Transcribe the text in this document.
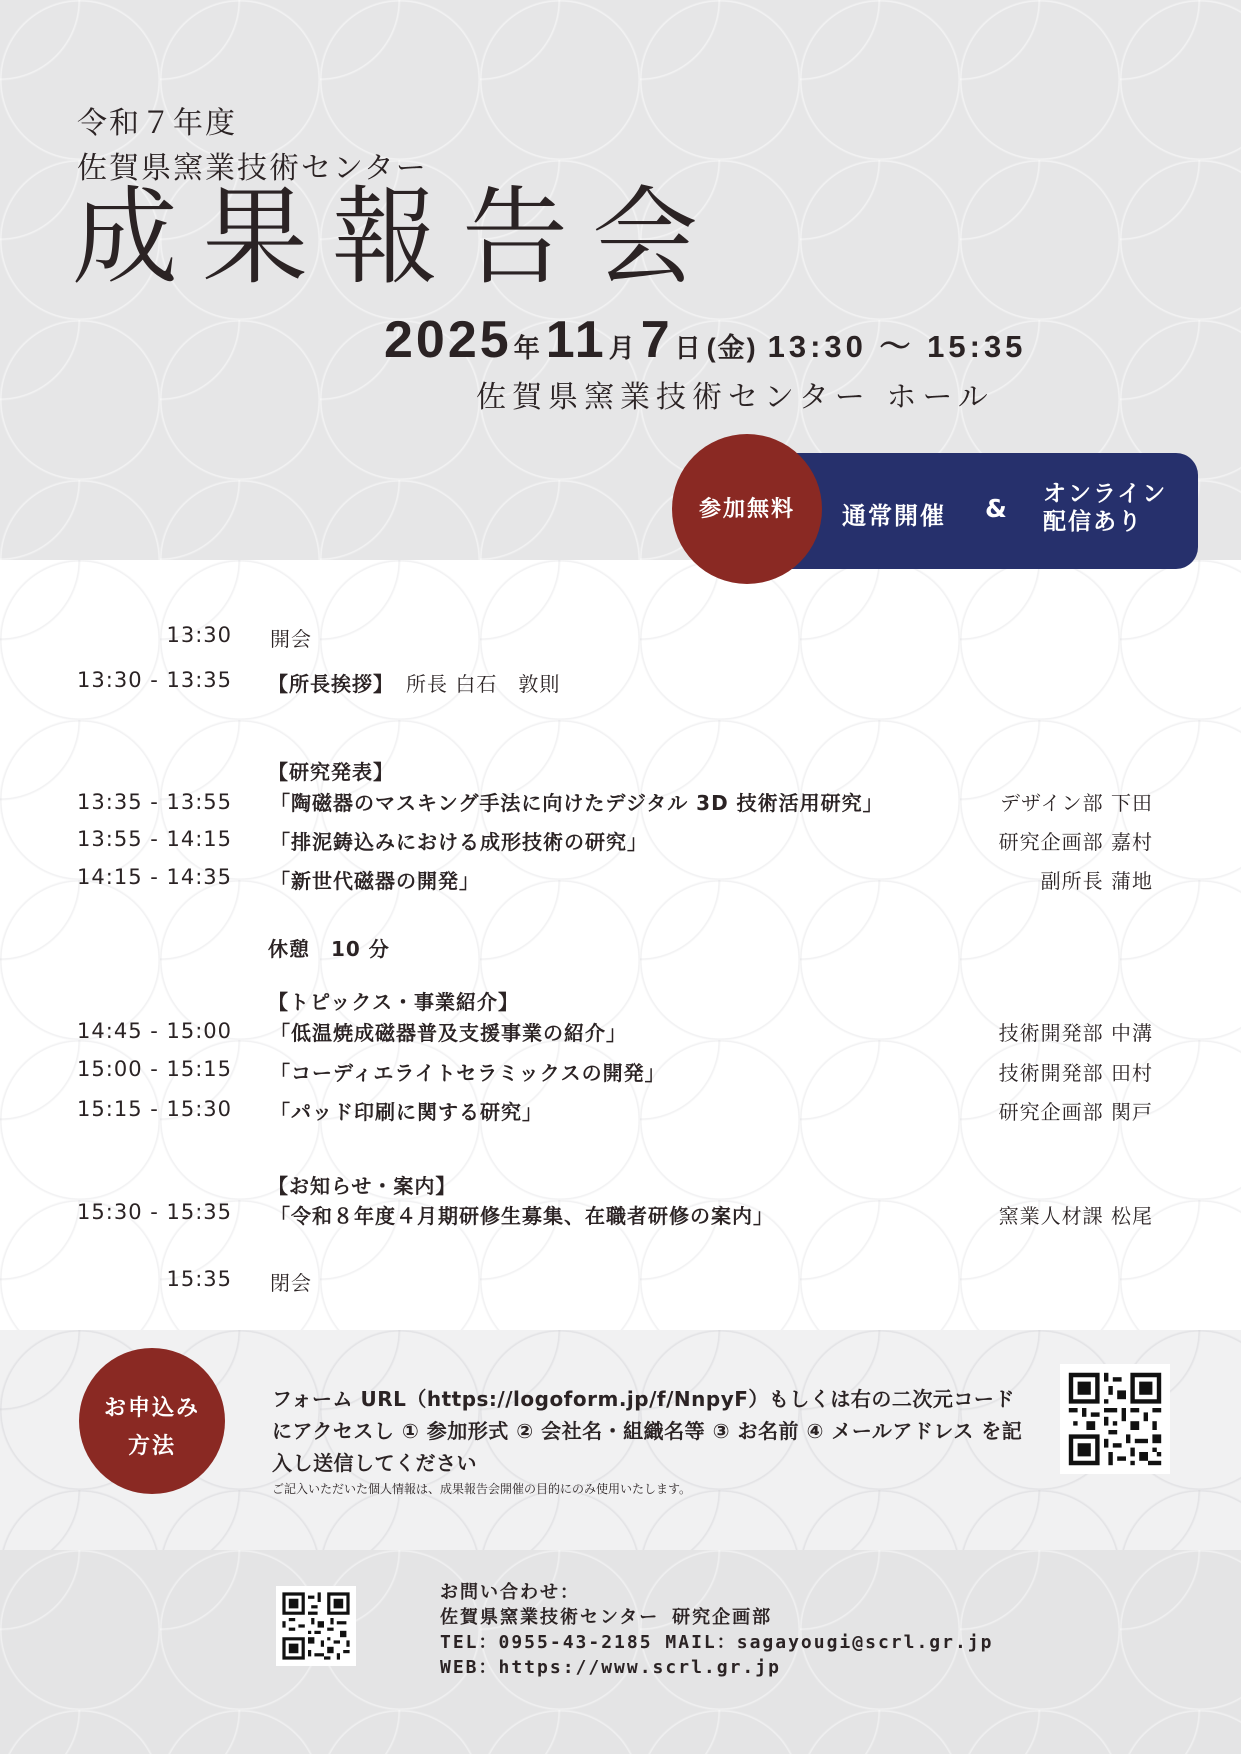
令和７年度
佐賀県窯業技術センター
成果報告会
2025年 11月 7日 (金) 13:30 〜 15:35
佐賀県窯業技術センター ホール
通常開催 & オンライン
配信あり
参加無料
13:30 開会
13:30 - 13:35 【所長挨拶】 所長 白石　敦則
【研究発表】
13:35 - 13:55 「陶磁器のマスキング手法に向けたデジタル 3D 技術活用研究」	デザイン部 下田
13:55 - 14:15 「排泥鋳込みにおける成形技術の研究」	研究企画部 嘉村
14:15 - 14:35 「新世代磁器の開発」	副所長 蒲地
休憩　10 分
【トピックス・事業紹介】
14:45 - 15:00 「低温焼成磁器普及支援事業の紹介」	技術開発部 中溝
15:00 - 15:15 「コーディエライトセラミックスの開発」	技術開発部 田村
15:15 - 15:30 「パッド印刷に関する研究」	研究企画部 関戸
【お知らせ・案内】
15:30 - 15:35 「令和８年度４月期研修生募集、在職者研修の案内」	窯業人材課 松尾
15:35 閉会
お申込み
方法
フォーム URL（https://logoform.jp/f/NnpyF）もしくは右の二次元コードにアクセスし ① 参加形式 ② 会社名・組織名等 ③ お名前 ④ メールアドレス を記入し送信してください
ご記入いただいた個人情報は、成果報告会開催の目的にのみ使用いたします。
お問い合わせ：
佐賀県窯業技術センター 研究企画部
TEL：0955-43-2185 MAIL：sagayougi@scrl.gr.jp
WEB：https://www.scrl.gr.jp
